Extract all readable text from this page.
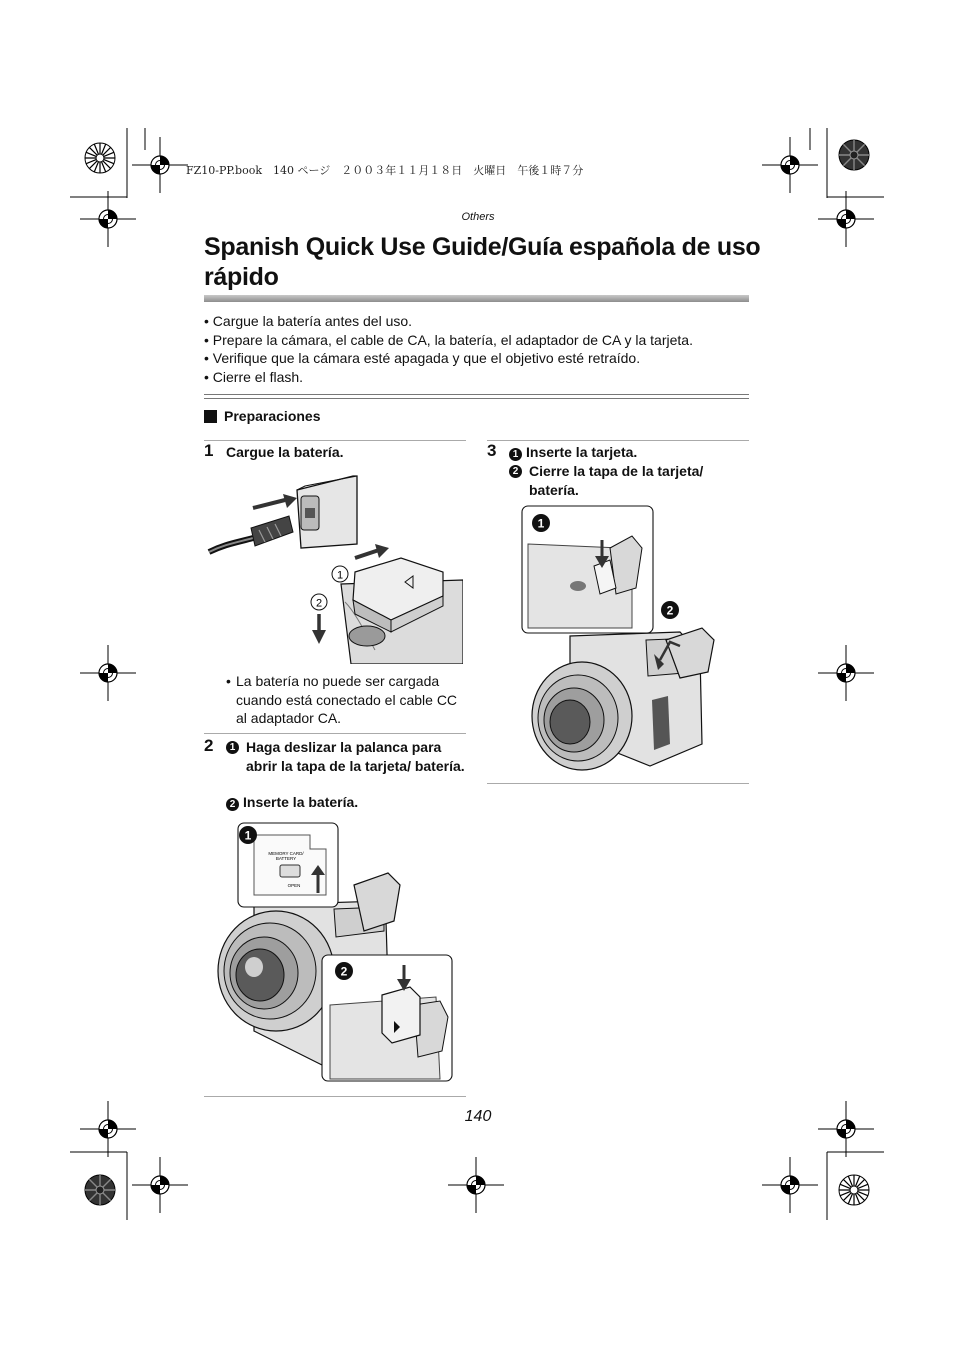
FZ10-PP.book　140 ページ　２００３年１１月１８日　火曜日　午後１時７分
Others
Spanish Quick Use Guide/Guía española de uso rápido
• Cargue la batería antes del uso.
• Prepare la cámara, el cable de CA, la batería, el adaptador de CA y la tarjeta.
• Verifique que la cámara esté apagada y que el objetivo esté retraído.
• Cierre el flash.
Preparaciones
1 Cargue la batería.
1
2
• La batería no puede ser cargada cuando está conectado el cable CC al adaptador CA.
2	1 Haga deslizar la palanca para abrir la tapa de la tarjeta/ batería.
2 Inserte la batería.
MEMORY CARD/
BATTERY
OPEN
1
2
3	1 Inserte la tarjeta.
2 Cierre la tapa de la tarjeta/ batería.
1
2
140
